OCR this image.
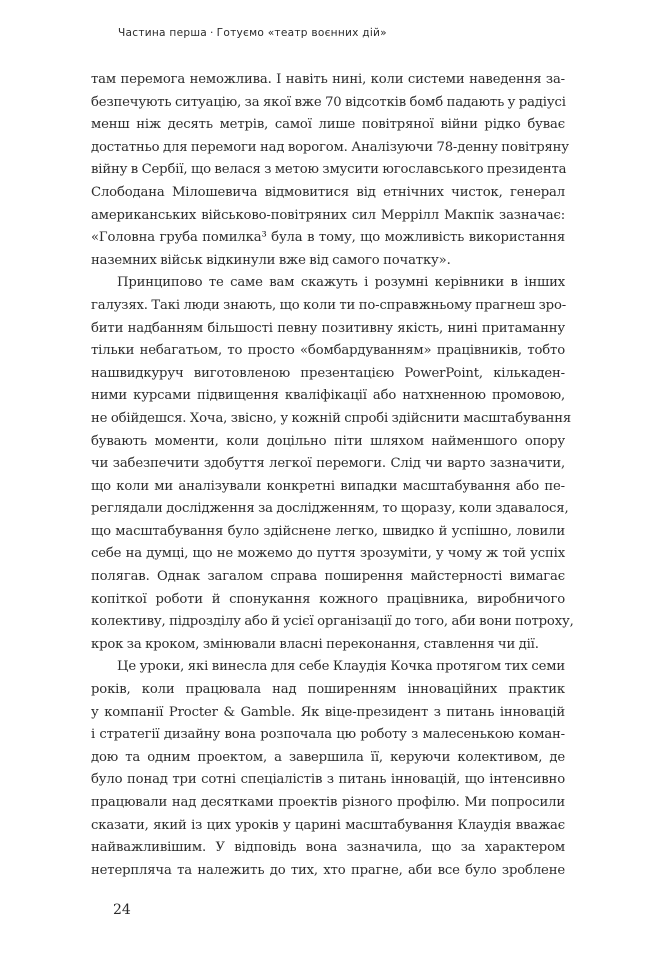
Частина перша · Готуємо «театр воєнних дій»
там перемога неможлива. І навіть нині, коли системи наведення за-
безпечують ситуацію, за якої вже 70 відсотків бомб падають у радіусі
менш ніж десять метрів, самої лише повітряної війни рідко буває
достатньо для перемоги над ворогом. Аналізуючи 78-денну повітряну
війну в Сербії, що велася з метою змусити югославського президента
Слободана Мілошевича відмовитися від етнічних чисток, генерал
американських військово-повітряних сил Меррілл Макпік зазначає:
«Головна груба помилка³ була в тому, що можливість використання
наземних військ відкинули вже від самого початку».
Принципово те саме вам скажуть і розумні керівники в інших
галузях. Такі люди знають, що коли ти по-справжньому прагнеш зро-
бити надбанням більшості певну позитивну якість, нині притаманну
тільки небагатьом, то просто «бомбардуванням» працівників, тобто
нашвидкуруч виготовленою презентацією PowerPoint, кількаден-
ними курсами підвищення кваліфікації або натхненною промовою,
не обійдешся. Хоча, звісно, у кожній спробі здійснити масштабування
бувають моменти, коли доцільно піти шляхом найменшого опору
чи забезпечити здобуття легкої перемоги. Слід чи варто зазначити,
що коли ми аналізували конкретні випадки масштабування або пе-
реглядали дослідження за дослідженням, то щоразу, коли здавалося,
що масштабування було здійснене легко, швидко й успішно, ловили
себе на думці, що не можемо до пуття зрозуміти, у чому ж той успіх
полягав. Однак загалом справа поширення майстерності вимагає
копіткої роботи й спонукання кожного працівника, виробничого
колективу, підрозділу або й усієї організації до того, аби вони потроху,
крок за кроком, змінювали власні переконання, ставлення чи дії.
Це уроки, які винесла для себе Клаудія Кочка протягом тих семи
років, коли працювала над поширенням інноваційних практик
у компанії Procter & Gamble. Як віце-президент з питань інновацій
і стратегії дизайну вона розпочала цю роботу з малесенькою коман-
дою та одним проектом, а завершила її, керуючи колективом, де
було понад три сотні спеціалістів з питань інновацій, що інтенсивно
працювали над десятками проектів різного профілю. Ми попросили
сказати, який із цих уроків у царині масштабування Клаудія вважає
найважливішим. У відповідь вона зазначила, що за характером
нетерпляча та належить до тих, хто прагне, аби все було зроблене
24
